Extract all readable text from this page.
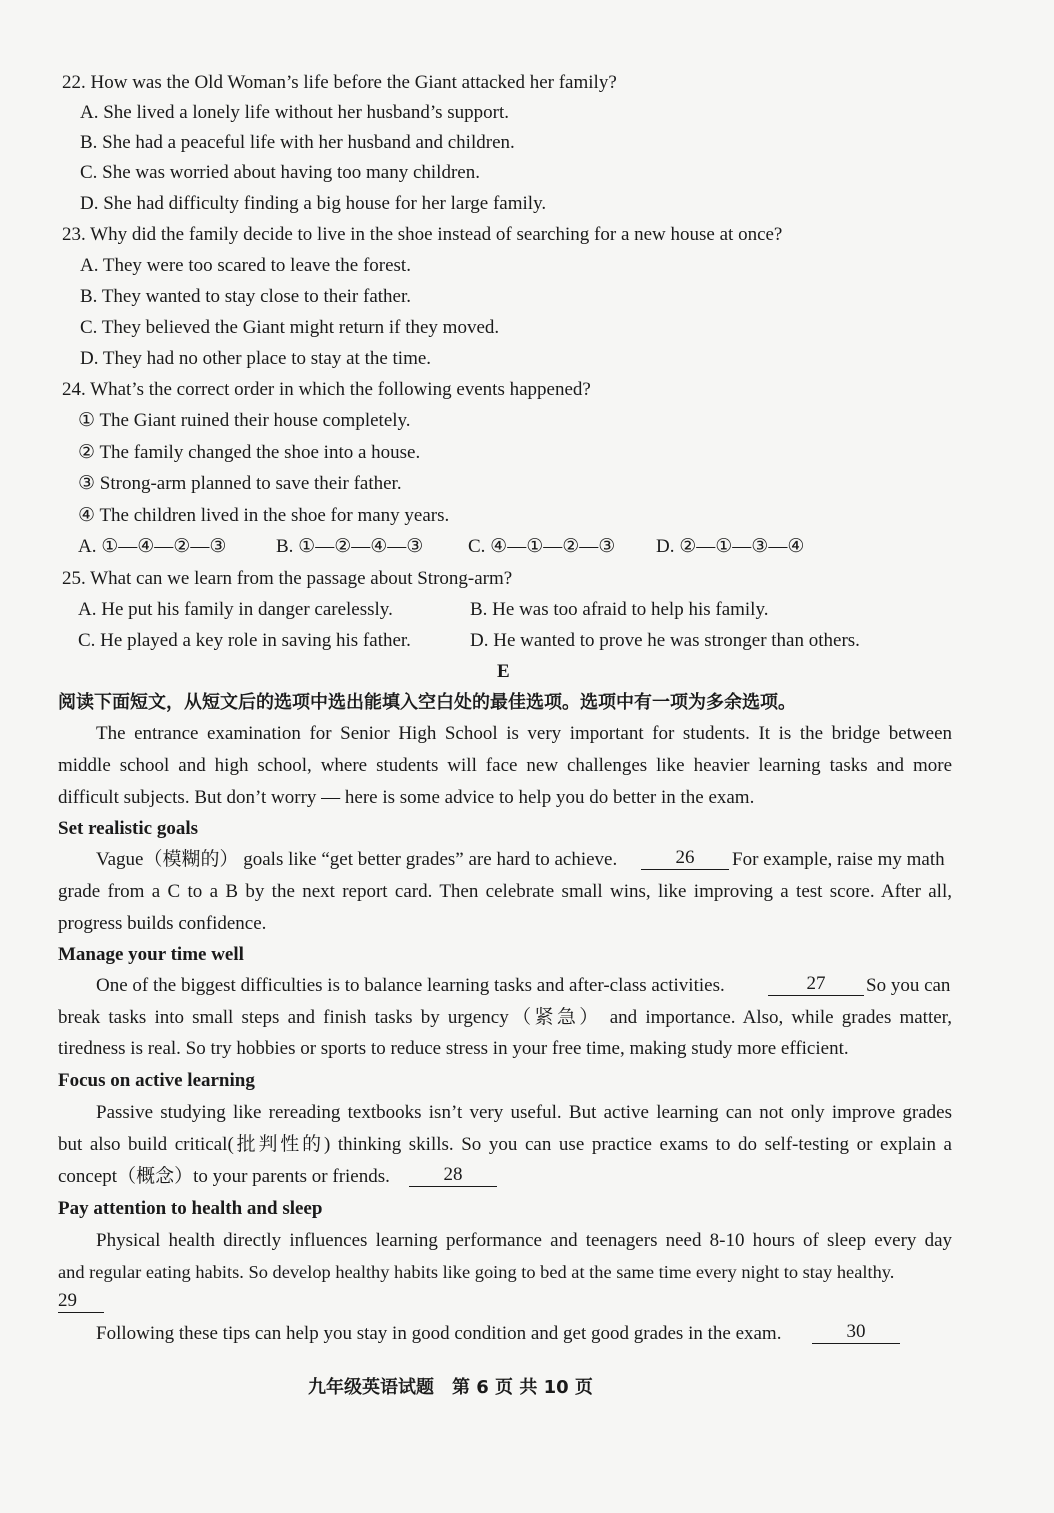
22. How was the Old Woman’s life before the Giant attacked her family?
A. She lived a lonely life without her husband’s support.
B. She had a peaceful life with her husband and children.
C. She was worried about having too many children.
D. She had difficulty finding a big house for her large family.
23. Why did the family decide to live in the shoe instead of searching for a new house at once?
A. They were too scared to leave the forest.
B. They wanted to stay close to their father.
C. They believed the Giant might return if they moved.
D. They had no other place to stay at the time.
24. What’s the correct order in which the following events happened?
① The Giant ruined their house completely.
② The family changed the shoe into a house.
③ Strong-arm planned to save their father.
④ The children lived in the shoe for many years.
A. ①—④—②—③	B. ①—②—④—③ C. ④—①—②—③ D. ②—①—③—④
25. What can we learn from the passage about Strong-arm?
A. He put his family in danger carelessly.	B. He was too afraid to help his family.
C. He played a key role in saving his father.	D. He wanted to prove he was stronger than others.
E
阅读下面短文，从短文后的选项中选出能填入空白处的最佳选项。选项中有一项为多余选项。
The entrance examination for Senior High School is very important for students. It is the bridge between
middle school and high school, where students will face new challenges like heavier learning tasks and more
difficult subjects. But don’t worry — here is some advice to help you do better in the exam.
Set realistic goals
Vague（模糊的） goals like “get better grades” are hard to achieve.	26	For example, raise my math
grade from a C to a B by the next report card. Then celebrate small wins, like improving a test score. After all,
progress builds confidence.
Manage your time well
One of the biggest difficulties is to balance learning tasks and after-class activities.	27	So you can
break tasks into small steps and finish tasks by urgency（紧急） and importance. Also, while grades matter,
tiredness is real. So try hobbies or sports to reduce stress in your free time, making study more efficient.
Focus on active learning
Passive studying like rereading textbooks isn’t very useful. But active learning can not only improve grades
but also build critical(批判性的) thinking skills. So you can use practice exams to do self-testing or explain a
concept（概念）to your parents or friends.	28
Pay attention to health and sleep
Physical health directly influences learning performance and teenagers need 8-10 hours of sleep every day
and regular eating habits. So develop healthy habits like going to bed at the same time every night to stay healthy.
29
Following these tips can help you stay in good condition and get good grades in the exam.	30
九年级英语试题　第 6 页 共 10 页
